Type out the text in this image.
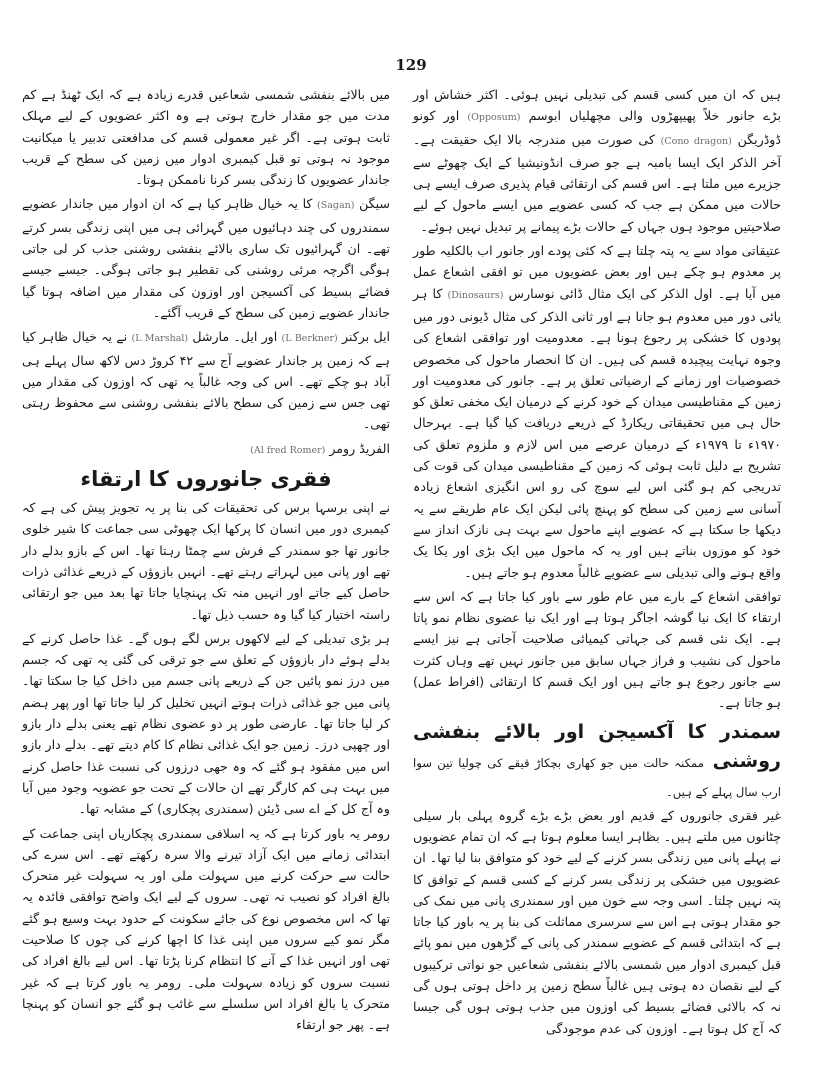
129

ہیں کہ ان میں کسی قسم کی تبدیلی نہیں ہوئی۔ اکثر خشاش اور بڑے جانور خلاً پھیپھڑوں والی مچھلیاں ابوسم (Opposum) اور کونو ڈوڈریگن (Cono dragon) کی صورت میں مندرجہ بالا ایک حقیقت ہے۔ آخر الذکر ایک ایسا بامبہ ہے جو صرف انڈونیشیا کے ایک چھوٹے سے جزیرے میں ملتا ہے۔ اس قسم کی ارتقائی قیام پذیری صرف ایسے ہی حالات میں ممکن ہے جب کہ کسی عضویے میں ایسے ماحول کے لیے صلاحیتیں موجود ہوں جہاں کے حالات بڑے پیمانے پر تبدیل نہیں ہوئے۔

عتیقاتی مواد سے یہ پتہ چلتا ہے کہ کئی پودے اور جانور اب بالکلیہ طور پر معدوم ہو چکے ہیں اور بعض عضویوں میں تو افقی اشعاع عمل میں آیا ہے۔ اول الذکر کی ایک مثال ڈائی نوسارس (Dinosaurs) کا ہر یائی دور میں معدوم ہو جانا ہے اور ثانی الذکر کی مثال ڈیونی دور میں پودوں کا خشکی پر رجوع ہونا ہے۔ معدومیت اور توافقی اشعاع کی وجوہ نہایت پیچیدہ قسم کی ہیں۔ ان کا انحصار ماحول کی مخصوص خصوصیات اور زمانے کے ارضیاتی تعلق پر ہے۔ جانور کی معدومیت اور زمین کے مقناطیسی میدان کے خود کرنے کے درمیان ایک مخفی تعلق کو حال ہی میں تحقیقاتی ریکارڈ کے ذریعے دریافت کیا گیا ہے۔ بہرحال ۱۹۷۰ء تا ۱۹۷۹ء کے درمیان عرصے میں اس لازم و ملزوم تعلق کی تشریح بے دلیل ثابت ہوئی کہ زمین کے مقناطیسی میدان کی قوت کی تدریجی کم ہو گئی اس لیے سوچ کی رو اس انگیزی اشعاع زیادہ آسانی سے زمین کی سطح کو پہنچ پائی لیکن ایک عام طریقے سے یہ دیکھا جا سکتا ہے کہ عضویے اپنے ماحول سے بہت ہی نازک انداز سے خود کو موزوں بناتے ہیں اور یہ کہ ماحول میں ایک بڑی اور یکا یک واقع ہونے والی تبدیلی سے عضویے غالباً معدوم ہو جاتے ہیں۔

توافقی اشعاع کے بارے میں عام طور سے باور کیا جاتا ہے کہ اس سے ارتقاء کا ایک نیا گوشہ اجاگر ہوتا ہے اور ایک نیا عضوی نظام نمو پاتا ہے۔ ایک نئی قسم کی جہاتی کیمیائی صلاحیت آجاتی ہے نیز ایسے ماحول کی نشیب و فراز جہاں سابق میں جانور نہیں تھے وہاں کثرت سے جانور رجوع ہو جاتے ہیں اور ایک قسم کا ارتقائی (افراط عمل) ہو جاتا ہے۔

سمندر کا آکسیجن اور بالائے بنفشی روشنی ممکنہ حالت میں جو کھاری بچکاڑ قیقے کی چولیا تین سوا ارب سال پہلے کے ہیں۔

غیر فقری جانوروں کے قدیم اور بعض بڑے بڑے گروہ پہلی بار سیلی چٹانوں میں ملتے ہیں۔ بظاہر ایسا معلوم ہوتا ہے کہ ان تمام عضویوں نے پہلے پانی میں زندگی بسر کرنے کے لیے خود کو متوافق بنا لیا تھا۔ ان عضویوں میں خشکی پر زندگی بسر کرنے کے کسی قسم کے توافق کا پتہ نہیں چلتا۔ اسی وجہ سے خون میں اور سمندری پانی میں نمک کی جو مقدار ہوتی ہے اس سے سرسری مماثلت کی بنا پر یہ باور کیا جاتا ہے کہ ابتدائی قسم کے عضویے سمندر کی پانی کے گڑھوں میں نمو پائے قبل کیمبری ادوار میں شمسی بالائے بنفشی شعاعیں جو نواتی ترکیبوں کے لیے نقصان دہ ہوتی ہیں غالباً سطح زمین پر داخل ہوتی ہوں گی نہ کہ بالائی فضائے بسیط کی اوزون میں جذب ہوتی ہوں گی جیسا کہ آج کل ہوتا ہے۔ اوزون کی عدم موجودگی

میں بالائے بنفشی شمسی شعاعیں قدرے زیادہ ہے کہ ایک ٹھنڈ ہے کم مدت میں جو مقدار خارج ہوتی ہے وہ اکثر عضویوں کے لیے مہلک ثابت ہوتی ہے۔ اگر غیر معمولی قسم کی مدافعتی تدبیر یا میکانیت موجود نہ ہوتی تو قبل کیمبری ادوار میں زمین کی سطح کے قریب جاندار عضویوں کا زندگی بسر کرنا ناممکن ہوتا۔

سیگن (Sagan) کا یہ خیال ظاہر کیا ہے کہ ان ادوار میں جاندار عضویے سمندروں کی چند دہائیوں میں گہرائی ہی میں اپنی زندگی بسر کرتے تھے۔ ان گہرائیوں تک ساری بالائے بنفشی روشنی جذب کر لی جاتی ہوگی اگرچہ مرئی روشنی کی تقطیر ہو جاتی ہوگی۔ جیسے جیسے فضائے بسیط کی آکسیجن اور اوزون کی مقدار میں اضافہ ہوتا گیا جاندار عضویے زمین کی سطح کے قریب آگئے۔

ایل برکنر (L Berkner) اور ایل۔ مارشل (L Marshal) نے یہ خیال ظاہر کیا ہے کہ زمین پر جاندار عضویے آج سے ۴۲ کروڑ دس لاکھ سال پہلے ہی آباد ہو چکے تھے۔ اس کی وجہ غالباً یہ تھی کہ اوزون کی مقدار میں تھی جس سے زمین کی سطح بالائے بنفشی روشنی سے محفوظ رہتی تھی۔

الفریڈ رومر (Al fred Romer)

فقری جانوروں کا ارتقاء

نے اپنی برسہا برس کی تحقیقات کی بنا پر یہ تجویز پیش کی ہے کہ کیمبری دور میں انسان کا پرکھا ایک چھوٹی سی جماعت کا شیر خلوی جانور تھا جو سمندر کے فرش سے چمٹا رہتا تھا۔ اس کے بازو بدلے دار تھے اور پانی میں لہراتے رہتے تھے۔ انہیں بازوؤں کے ذریعے غذائی ذرات حاصل کیے جاتے اور انہیں منہ تک پہنچایا جاتا تھا بعد میں جو ارتقائی راستہ اختیار کیا گیا وہ حسب ذیل تھا۔

ہر بڑی تبدیلی کے لیے لاکھوں برس لگے ہوں گے۔ غذا حاصل کرنے کے بدلے ہوئے دار بازوؤں کے تعلق سے جو ترقی کی گئی یہ تھی کہ جسم میں درز نمو پائیں جن کے ذریعے پانی جسم میں داخل کیا جا سکتا تھا۔ پانی میں جو غذائی ذرات ہوتے انہیں تخلیل کر لیا جاتا تھا اور پھر ہضم کر لیا جاتا تھا۔ عارضی طور پر دو عضوی نظام تھے یعنی بدلے دار بازو اور چھپی درز۔ زمین جو ایک غذائی نظام کا کام دیتے تھے۔ بدلے دار بازو اس میں مفقود ہو گئے کہ وہ جھی درزوں کی نسبت غذا حاصل کرنے میں بہت ہی کم کارگر تھے ان حالات کے تحت جو عضویہ وجود میں آیا وہ آج کل کے اے سی ڈیئن (سمندری پچکاری) کے مشابہ تھا۔

رومر یہ باور کرتا ہے کہ یہ اسلافی سمندری پچکاریاں اپنی جماعت کے ابتدائی زمانے میں ایک آزاد تیرنے والا سرہ رکھتے تھے۔ اس سرے کی حالت سے حرکت کرنے میں سہولت ملی اور یہ سہولت غیر متحرک بالغ افراد کو نصیب نہ تھی۔ سروں کے لیے ایک واضح توافقی فائدہ یہ تھا کہ اس مخصوص نوع کی جائے سکونت کے حدود بہت وسیع ہو گئے مگر نمو کیے سروں میں اپنی غذا کا اچھا کرنے کی چوں کا صلاحیت تھی اور انہیں غذا کے آنے کا انتظام کرنا پڑتا تھا۔ اس لیے بالغ افراد کی نسبت سروں کو زیادہ سہولت ملی۔ رومر یہ باور کرتا ہے کہ غیر متحرک یا بالغ افراد اس سلسلے سے غائب ہو گئے جو انسان کو پہنچا ہے۔ پھر جو ارتقاء
